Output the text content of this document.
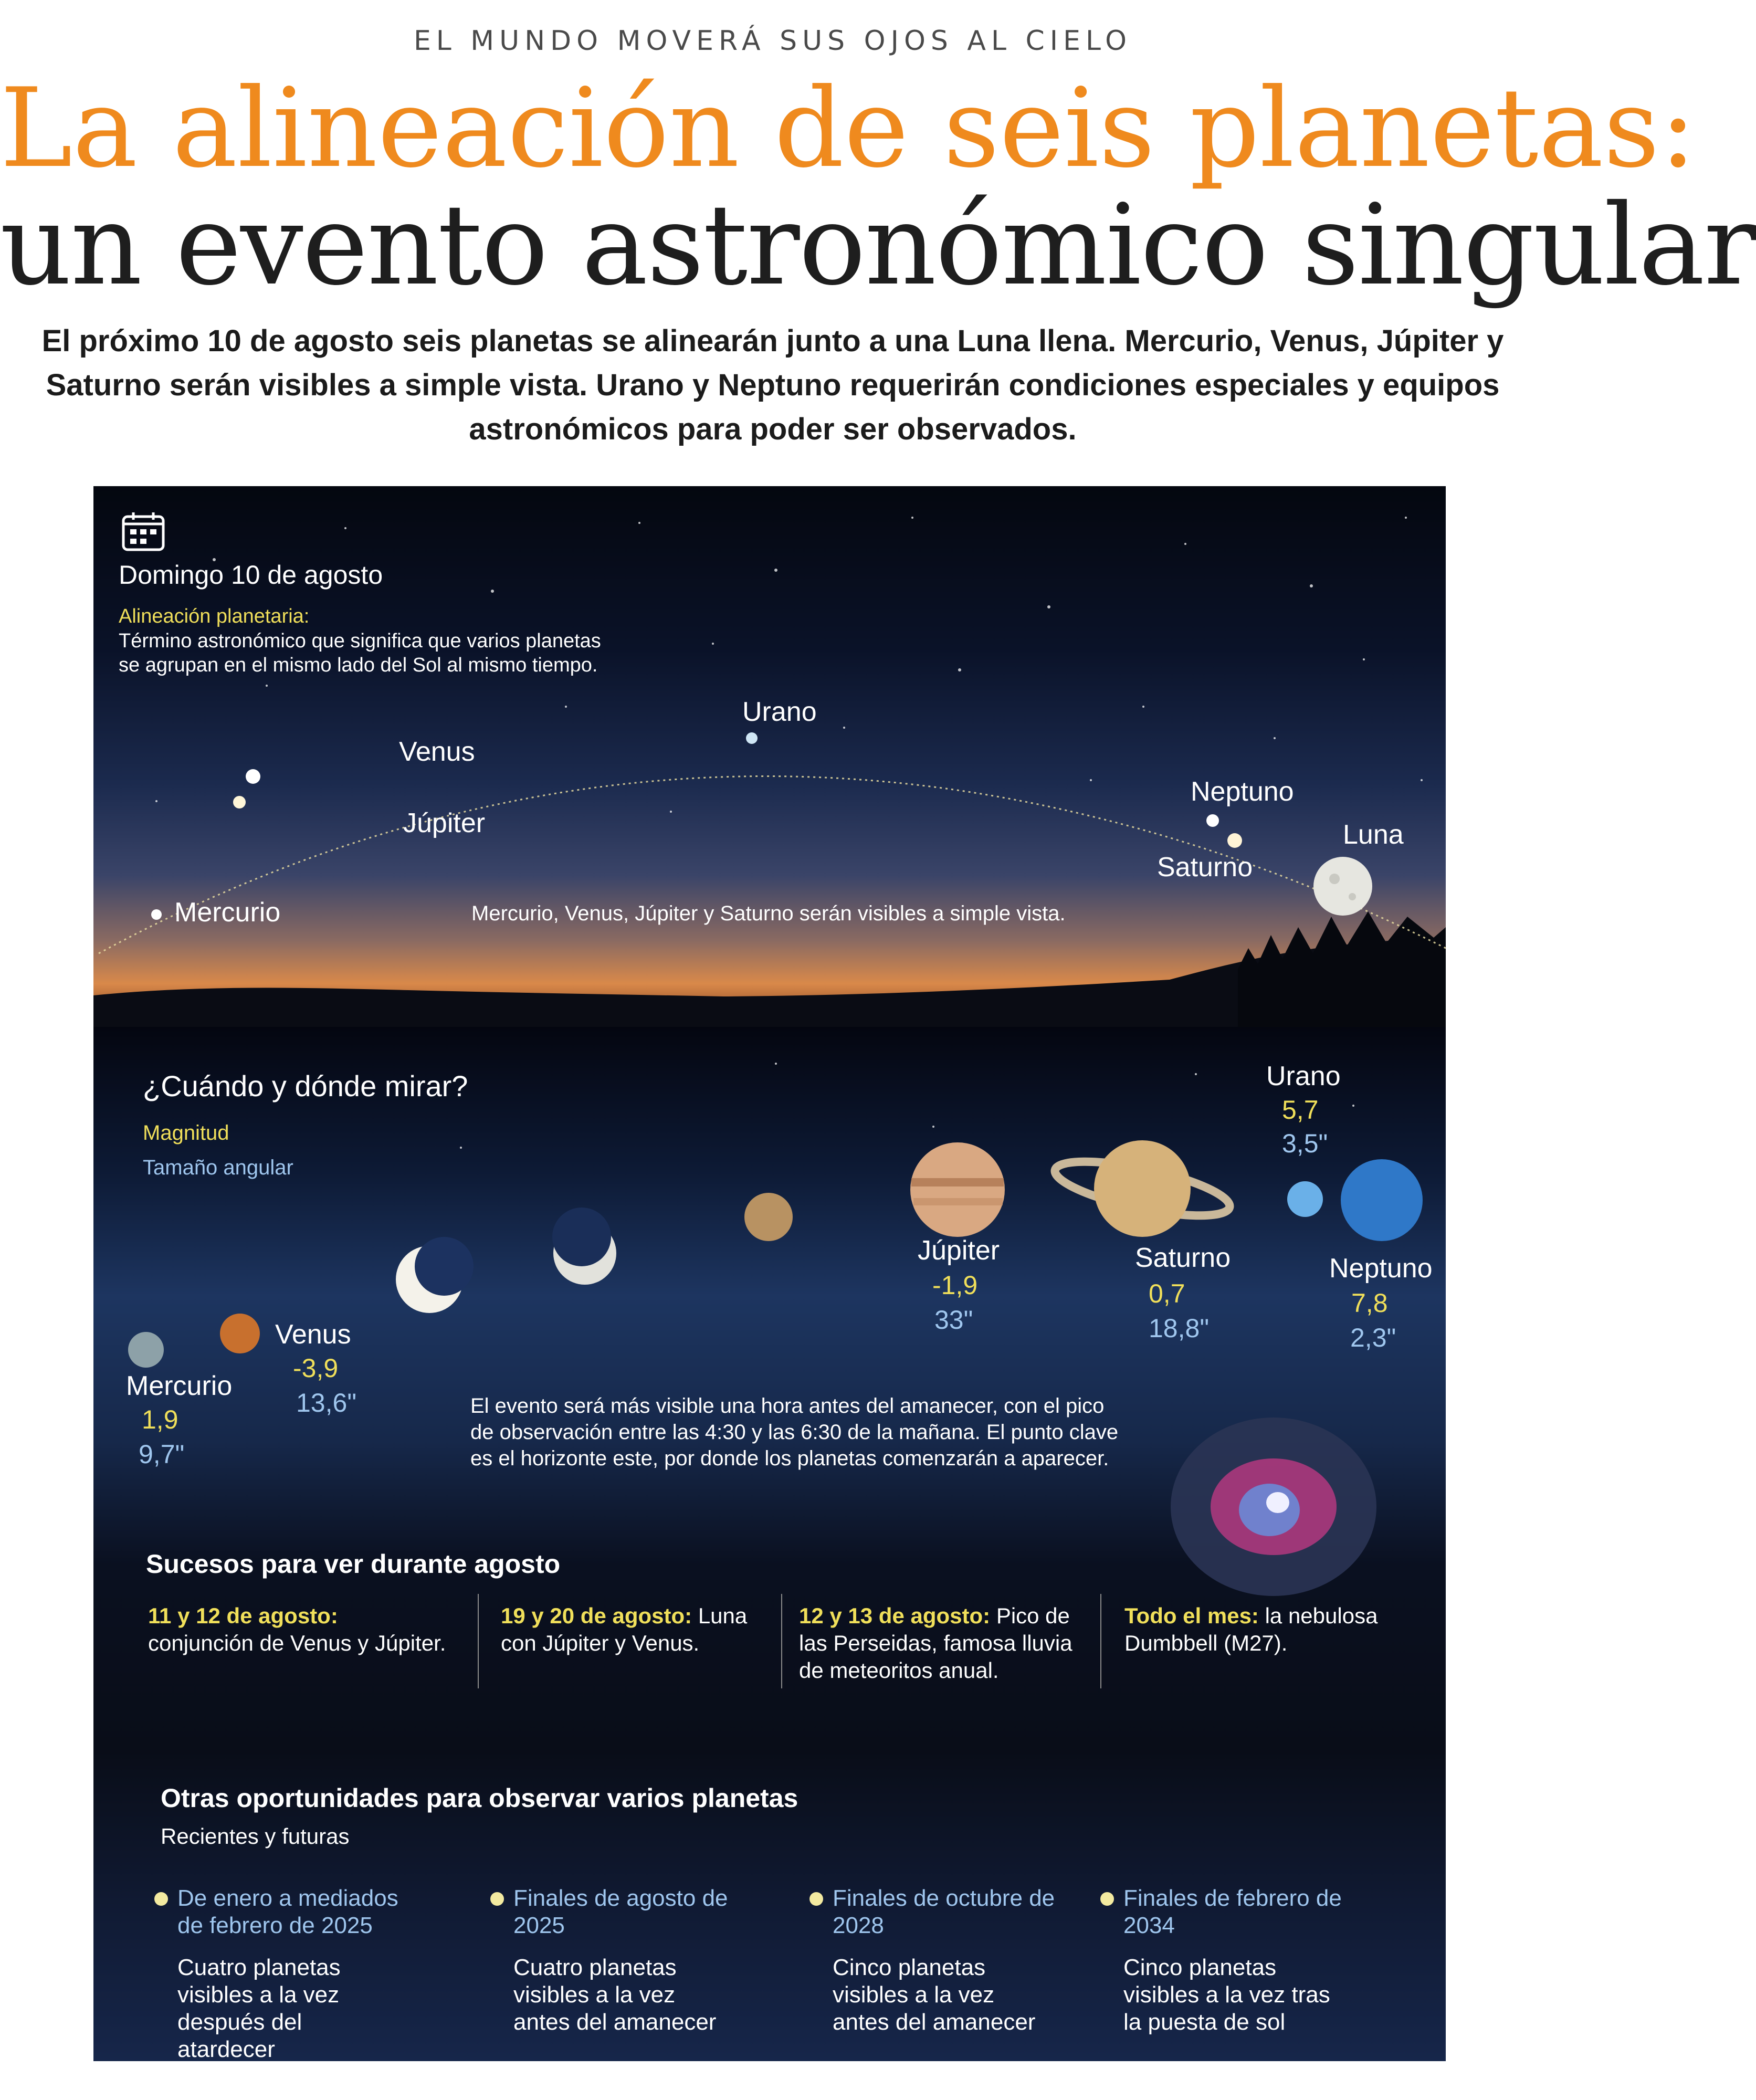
EL MUNDO MOVERÁ SUS OJOS AL CIELO
La alineación de seis planetas:
un evento astronómico singular
El próximo 10 de agosto seis planetas se alinearán junto a una Luna llena. Mercurio, Venus, Júpiter y Saturno serán visibles a simple vista. Urano y Neptuno requerirán condiciones especiales y equipos astronómicos para poder ser observados.
Domingo 10 de agosto
Alineación planetaria:
Término astronómico que significa que varios planetas
se agrupan en el mismo lado del Sol al mismo tiempo.
Venus
Júpiter
Urano
Neptuno
Saturno
Luna
Mercurio	Mercurio, Venus, Júpiter y Saturno serán visibles a simple vista.
¿Cuándo y dónde mirar?
Magnitud
Tamaño angular
Mercurio
1,9
9,7"
Venus
-3,9
13,6"
Júpiter
-1,9
33"
Saturno
0,7
18,8"
Urano
5,7
3,5"
Neptuno
7,8
2,3"
El evento será más visible una hora antes del amanecer, con el pico
de observación entre las 4:30 y las 6:30 de la mañana. El punto clave
es el horizonte este, por donde los planetas comenzarán a aparecer.
Sucesos para ver durante agosto
11 y 12 de agosto:
conjunción de Venus y Júpiter.
19 y 20 de agosto: Luna con Júpiter y Venus.
12 y 13 de agosto: Pico de las Perseidas, famosa lluvia de meteoritos anual.
Todo el mes: la nebulosa Dumbbell (M27).
Otras oportunidades para observar varios planetas
Recientes y futuras
De enero a mediados de febrero de 2025
Cuatro planetas visibles a la vez después del atardecer
Finales de agosto de 2025
Cuatro planetas visibles a la vez antes del amanecer
Finales de octubre de 2028
Cinco planetas visibles a la vez antes del amanecer
Finales de febrero de 2034
Cinco planetas visibles a la vez tras la puesta de sol
